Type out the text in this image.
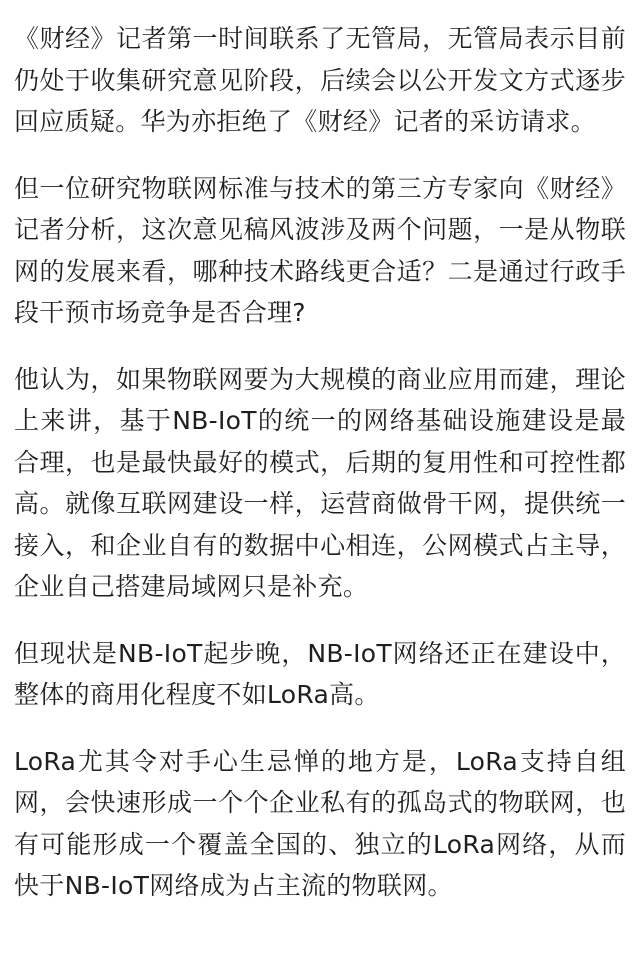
《财经》记者第一时间联系了无管局，无管局表示目前仍处于收集研究意见阶段，后续会以公开发文方式逐步回应质疑。华为亦拒绝了《财经》记者的采访请求。

但一位研究物联网标准与技术的第三方专家向《财经》记者分析，这次意见稿风波涉及两个问题，一是从物联网的发展来看，哪种技术路线更合适？二是通过行政手段干预市场竞争是否合理?

他认为，如果物联网要为大规模的商业应用而建，理论上来讲，基于NB-IoT的统一的网络基础设施建设是最合理，也是最快最好的模式，后期的复用性和可控性都高。就像互联网建设一样，运营商做骨干网，提供统一接入，和企业自有的数据中心相连，公网模式占主导，企业自己搭建局域网只是补充。

但现状是NB-IoT起步晚，NB-IoT网络还正在建设中，整体的商用化程度不如LoRa高。

LoRa尤其令对手心生忌惮的地方是，LoRa支持自组网，会快速形成一个个企业私有的孤岛式的物联网，也有可能形成一个覆盖全国的、独立的LoRa网络，从而快于NB-IoT网络成为占主流的物联网。
